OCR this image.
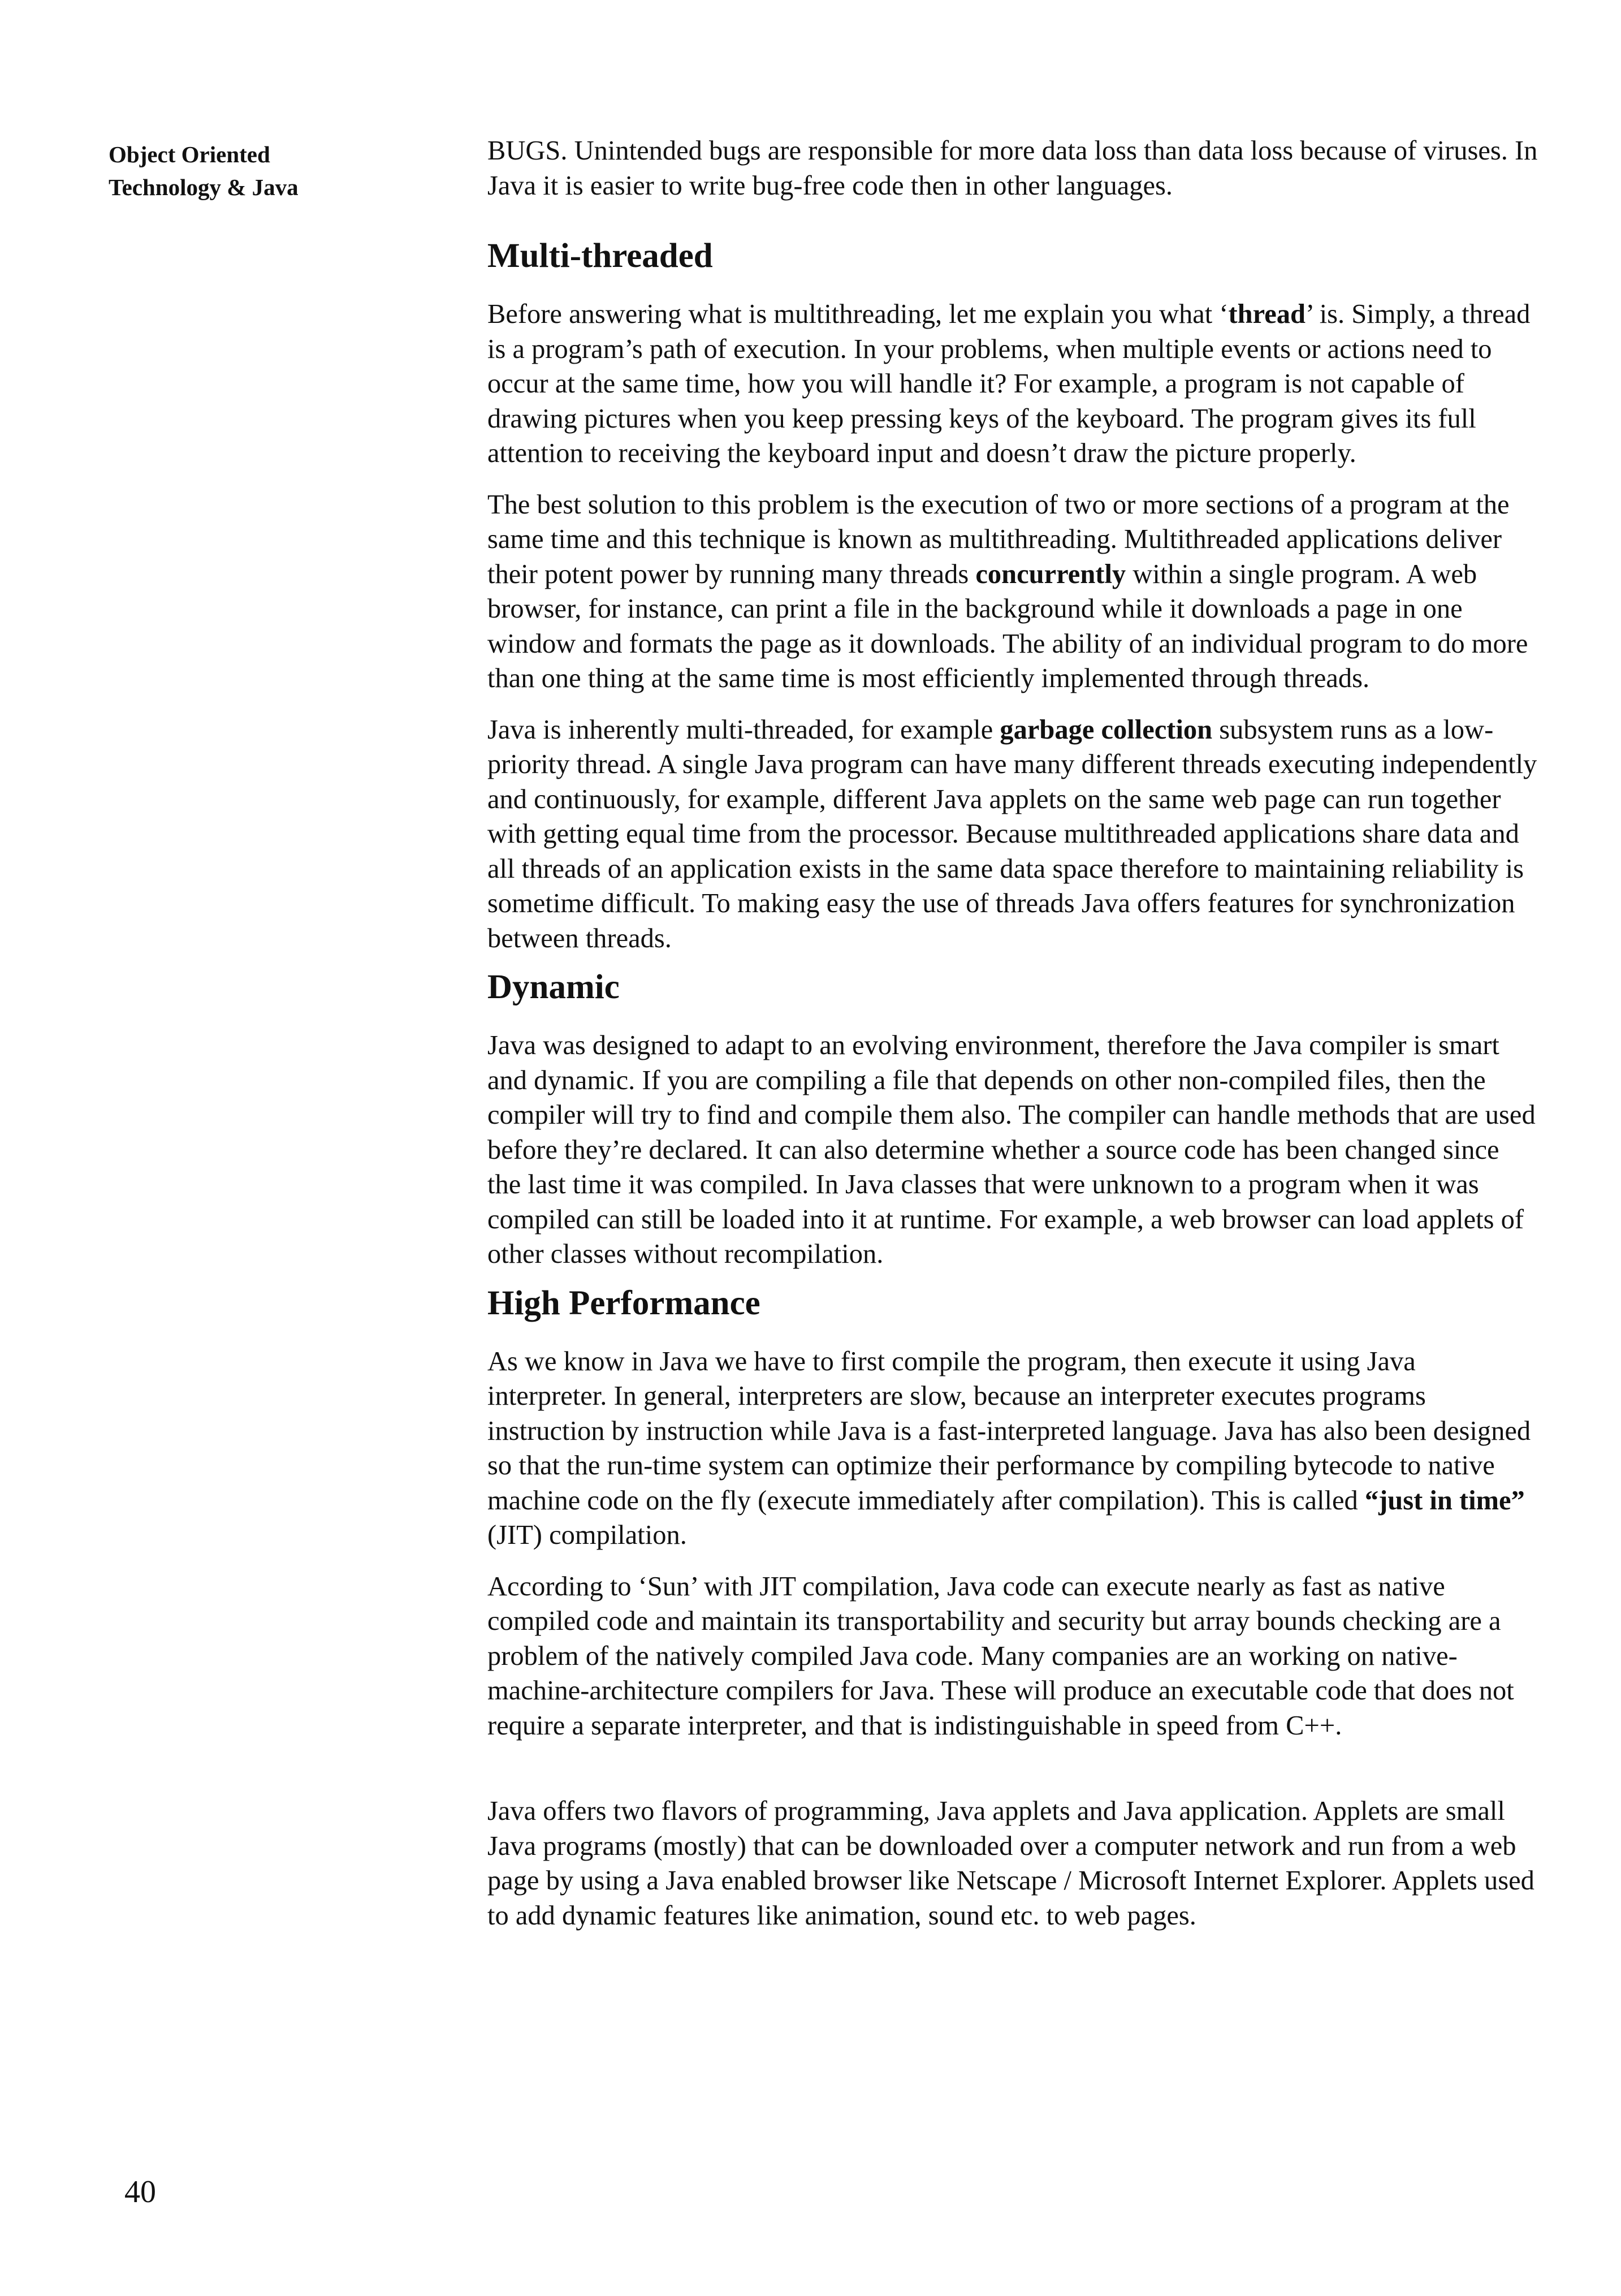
Object Oriented
Technology & Java

BUGS. Unintended bugs are responsible for more data loss than data loss because of viruses. In Java it is easier to write bug-free code then in other languages.

Multi-threaded

Before answering what is multithreading, let me explain you what ‘thread’ is. Simply, a thread is a program’s path of execution. In your problems, when multiple events or actions need to occur at the same time, how you will handle it? For example, a program is not capable of drawing pictures when you keep pressing keys of the keyboard. The program gives its full attention to receiving the keyboard input and doesn’t draw the picture properly.

The best solution to this problem is the execution of two or more sections of a program at the same time and this technique is known as multithreading. Multithreaded applications deliver their potent power by running many threads concurrently within a single program. A web browser, for instance, can print a file in the background while it downloads a page in one window and formats the page as it downloads. The ability of an individual program to do more than one thing at the same time is most efficiently implemented through threads.

Java is inherently multi-threaded, for example garbage collection subsystem runs as a low-priority thread. A single Java program can have many different threads executing independently and continuously, for example, different Java applets on the same web page can run together with getting equal time from the processor. Because multithreaded applications share data and all threads of an application exists in the same data space therefore to maintaining reliability is sometime difficult. To making easy the use of threads Java offers features for synchronization between threads.

Dynamic

Java was designed to adapt to an evolving environment, therefore the Java compiler is smart and dynamic. If you are compiling a file that depends on other non-compiled files, then the compiler will try to find and compile them also. The compiler can handle methods that are used before they’re declared. It can also determine whether a source code has been changed since the last time it was compiled. In Java classes that were unknown to a program when it was compiled can still be loaded into it at runtime. For example, a web browser can load applets of other classes without recompilation.

High Performance

As we know in Java we have to first compile the program, then execute it using Java interpreter. In general, interpreters are slow, because an interpreter executes programs instruction by instruction while Java is a fast-interpreted language. Java has also been designed so that the run-time system can optimize their performance by compiling bytecode to native machine code on the fly (execute immediately after compilation). This is called “just in time” (JIT) compilation.

According to ‘Sun’ with JIT compilation, Java code can execute nearly as fast as native compiled code and maintain its transportability and security but array bounds checking are a problem of the natively compiled Java code. Many companies are an working on native-machine-architecture compilers for Java. These will produce an executable code that does not require a separate interpreter, and that is indistinguishable in speed from C++.

Java offers two flavors of programming, Java applets and Java application. Applets are small Java programs (mostly) that can be downloaded over a computer network and run from a web page by using a Java enabled browser like Netscape / Microsoft Internet Explorer. Applets used to add dynamic features like animation, sound etc. to web pages.

40
